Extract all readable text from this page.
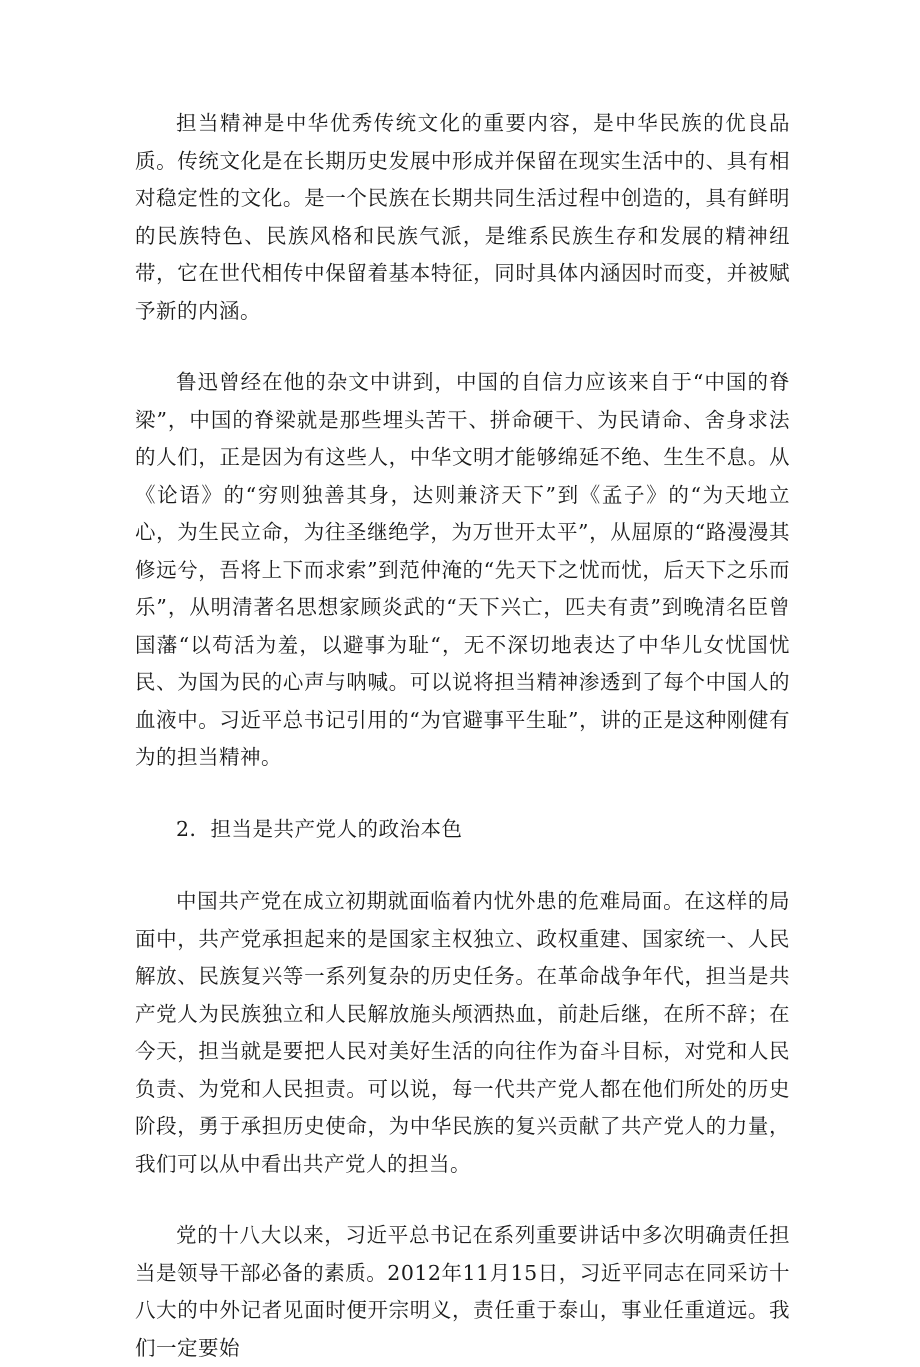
担当精神是中华优秀传统文化的重要内容，是中华民族的优良品质。传统文化是在长期历史发展中形成并保留在现实生活中的、具有相对稳定性的文化。是一个民族在长期共同生活过程中创造的，具有鲜明的民族特色、民族风格和民族气派，是维系民族生存和发展的精神纽带，它在世代相传中保留着基本特征，同时具体内涵因时而变，并被赋予新的内涵。

鲁迅曾经在他的杂文中讲到，中国的自信力应该来自于“中国的脊梁”，中国的脊梁就是那些埋头苦干、拼命硬干、为民请命、舍身求法的人们，正是因为有这些人，中华文明才能够绵延不绝、生生不息。从《论语》的“穷则独善其身，达则兼济天下”到《孟子》的“为天地立心，为生民立命，为往圣继绝学，为万世开太平”，从屈原的“路漫漫其修远兮，吾将上下而求索”到范仲淹的“先天下之忧而忧，后天下之乐而乐”，从明清著名思想家顾炎武的“天下兴亡，匹夫有责”到晚清名臣曾国藩“以苟活为羞，以避事为耻“，无不深切地表达了中华儿女忧国忧民、为国为民的心声与呐喊。可以说将担当精神渗透到了每个中国人的血液中。习近平总书记引用的“为官避事平生耻”，讲的正是这种刚健有为的担当精神。

2．担当是共产党人的政治本色

中国共产党在成立初期就面临着内忧外患的危难局面。在这样的局面中，共产党承担起来的是国家主权独立、政权重建、国家统一、人民解放、民族复兴等一系列复杂的历史任务。在革命战争年代，担当是共产党人为民族独立和人民解放施头颅洒热血，前赴后继，在所不辞；在今天，担当就是要把人民对美好生活的向往作为奋斗目标，对党和人民负责、为党和人民担责。可以说，每一代共产党人都在他们所处的历史阶段，勇于承担历史使命，为中华民族的复兴贡献了共产党人的力量，我们可以从中看出共产党人的担当。

党的十八大以来，习近平总书记在系列重要讲话中多次明确责任担当是领导干部必备的素质。2012年11月15日，习近平同志在同采访十八大的中外记者见面时便开宗明义，责任重于泰山，事业任重道远。我们一定要始
